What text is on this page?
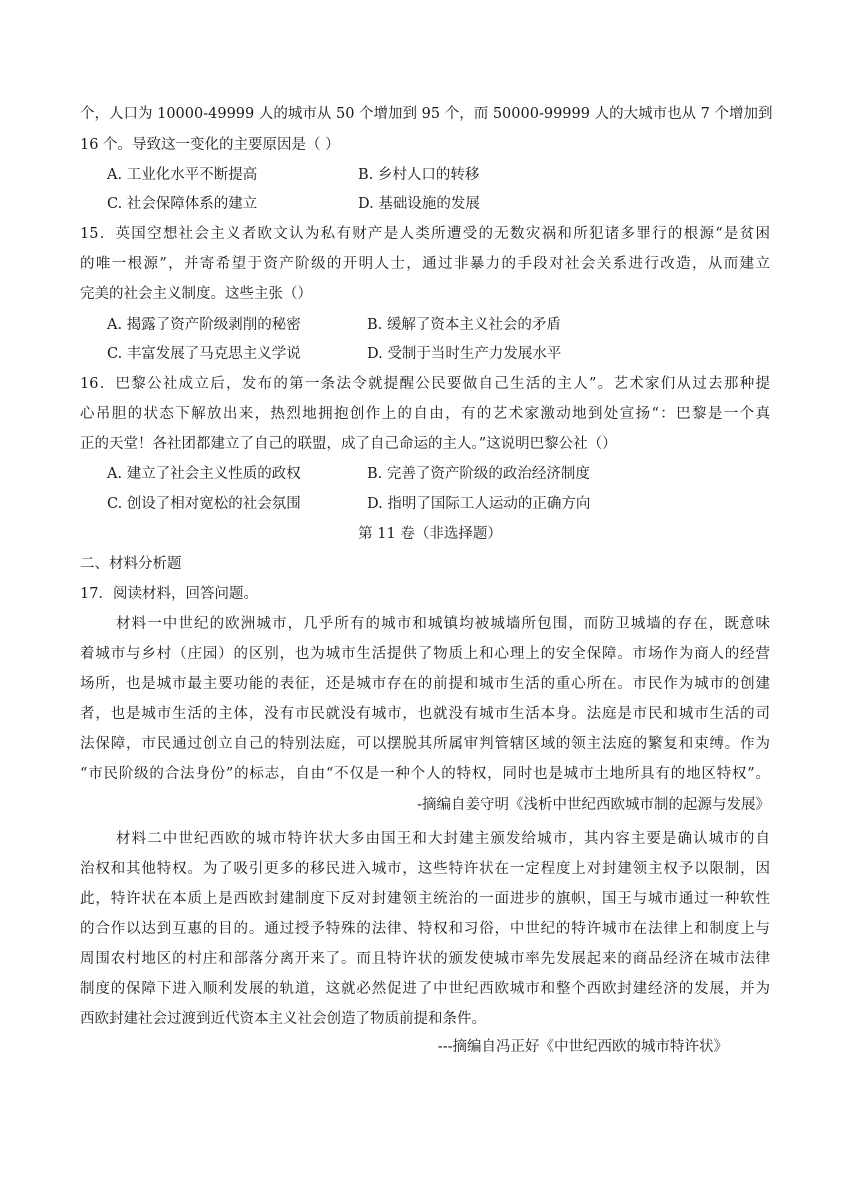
个，人口为 10000-49999 人的城市从 50 个增加到 95 个，而 50000-99999 人的大城市也从 7 个增加到
16 个。导致这一变化的主要原因是（ ）
A. 工业化水平不断提高	B. 乡村人口的转移
C. 社会保障体系的建立	D. 基础设施的发展
15．英国空想社会主义者欧文认为私有财产是人类所遭受的无数灾祸和所犯诸多罪行的根源“是贫困
的唯一根源”，并寄希望于资产阶级的开明人士，通过非暴力的手段对社会关系进行改造，从而建立
完美的社会主义制度。这些主张（）
A. 揭露了资产阶级剥削的秘密	B. 缓解了资本主义社会的矛盾
C. 丰富发展了马克思主义学说	D. 受制于当时生产力发展水平
16．巴黎公社成立后，发布的第一条法令就提醒公民要做自己生活的主人”。艺术家们从过去那种提
心吊胆的状态下解放出来，热烈地拥抱创作上的自由，有的艺术家激动地到处宣扬“：巴黎是一个真
正的天堂！各社团都建立了自己的联盟，成了自己命运的主人。”这说明巴黎公社（）
A. 建立了社会主义性质的政权	B. 完善了资产阶级的政治经济制度
C. 创设了相对宽松的社会氛围	D. 指明了国际工人运动的正确方向
第 11 卷（非选择题）
二、材料分析题
17．阅读材料，回答问题。
材料一中世纪的欧洲城市，几乎所有的城市和城镇均被城墙所包围，而防卫城墙的存在，既意味
着城市与乡村（庄园）的区别，也为城市生活提供了物质上和心理上的安全保障。市场作为商人的经营
场所，也是城市最主要功能的表征，还是城市存在的前提和城市生活的重心所在。市民作为城市的创建
者，也是城市生活的主体，没有市民就没有城市，也就没有城市生活本身。法庭是市民和城市生活的司
法保障，市民通过创立自己的特别法庭，可以摆脱其所属审判管辖区域的领主法庭的繁复和束缚。作为
“市民阶级的合法身份”的标志，自由“不仅是一种个人的特权，同时也是城市土地所具有的地区特权”。
-摘编自姜守明《浅析中世纪西欧城市制的起源与发展》
材料二中世纪西欧的城市特许状大多由国王和大封建主颁发给城市，其内容主要是确认城市的自
治权和其他特权。为了吸引更多的移民进入城市，这些特许状在一定程度上对封建领主权予以限制，因
此，特许状在本质上是西欧封建制度下反对封建领主统治的一面进步的旗帜，国王与城市通过一种软性
的合作以达到互惠的目的。通过授予特殊的法律、特权和习俗，中世纪的特许城市在法律上和制度上与
周围农村地区的村庄和部落分离开来了。而且特许状的颁发使城市率先发展起来的商品经济在城市法律
制度的保障下进入顺利发展的轨道，这就必然促进了中世纪西欧城市和整个西欧封建经济的发展，并为
西欧封建社会过渡到近代资本主义社会创造了物质前提和条件。
---摘编自冯正好《中世纪西欧的城市特许状》
